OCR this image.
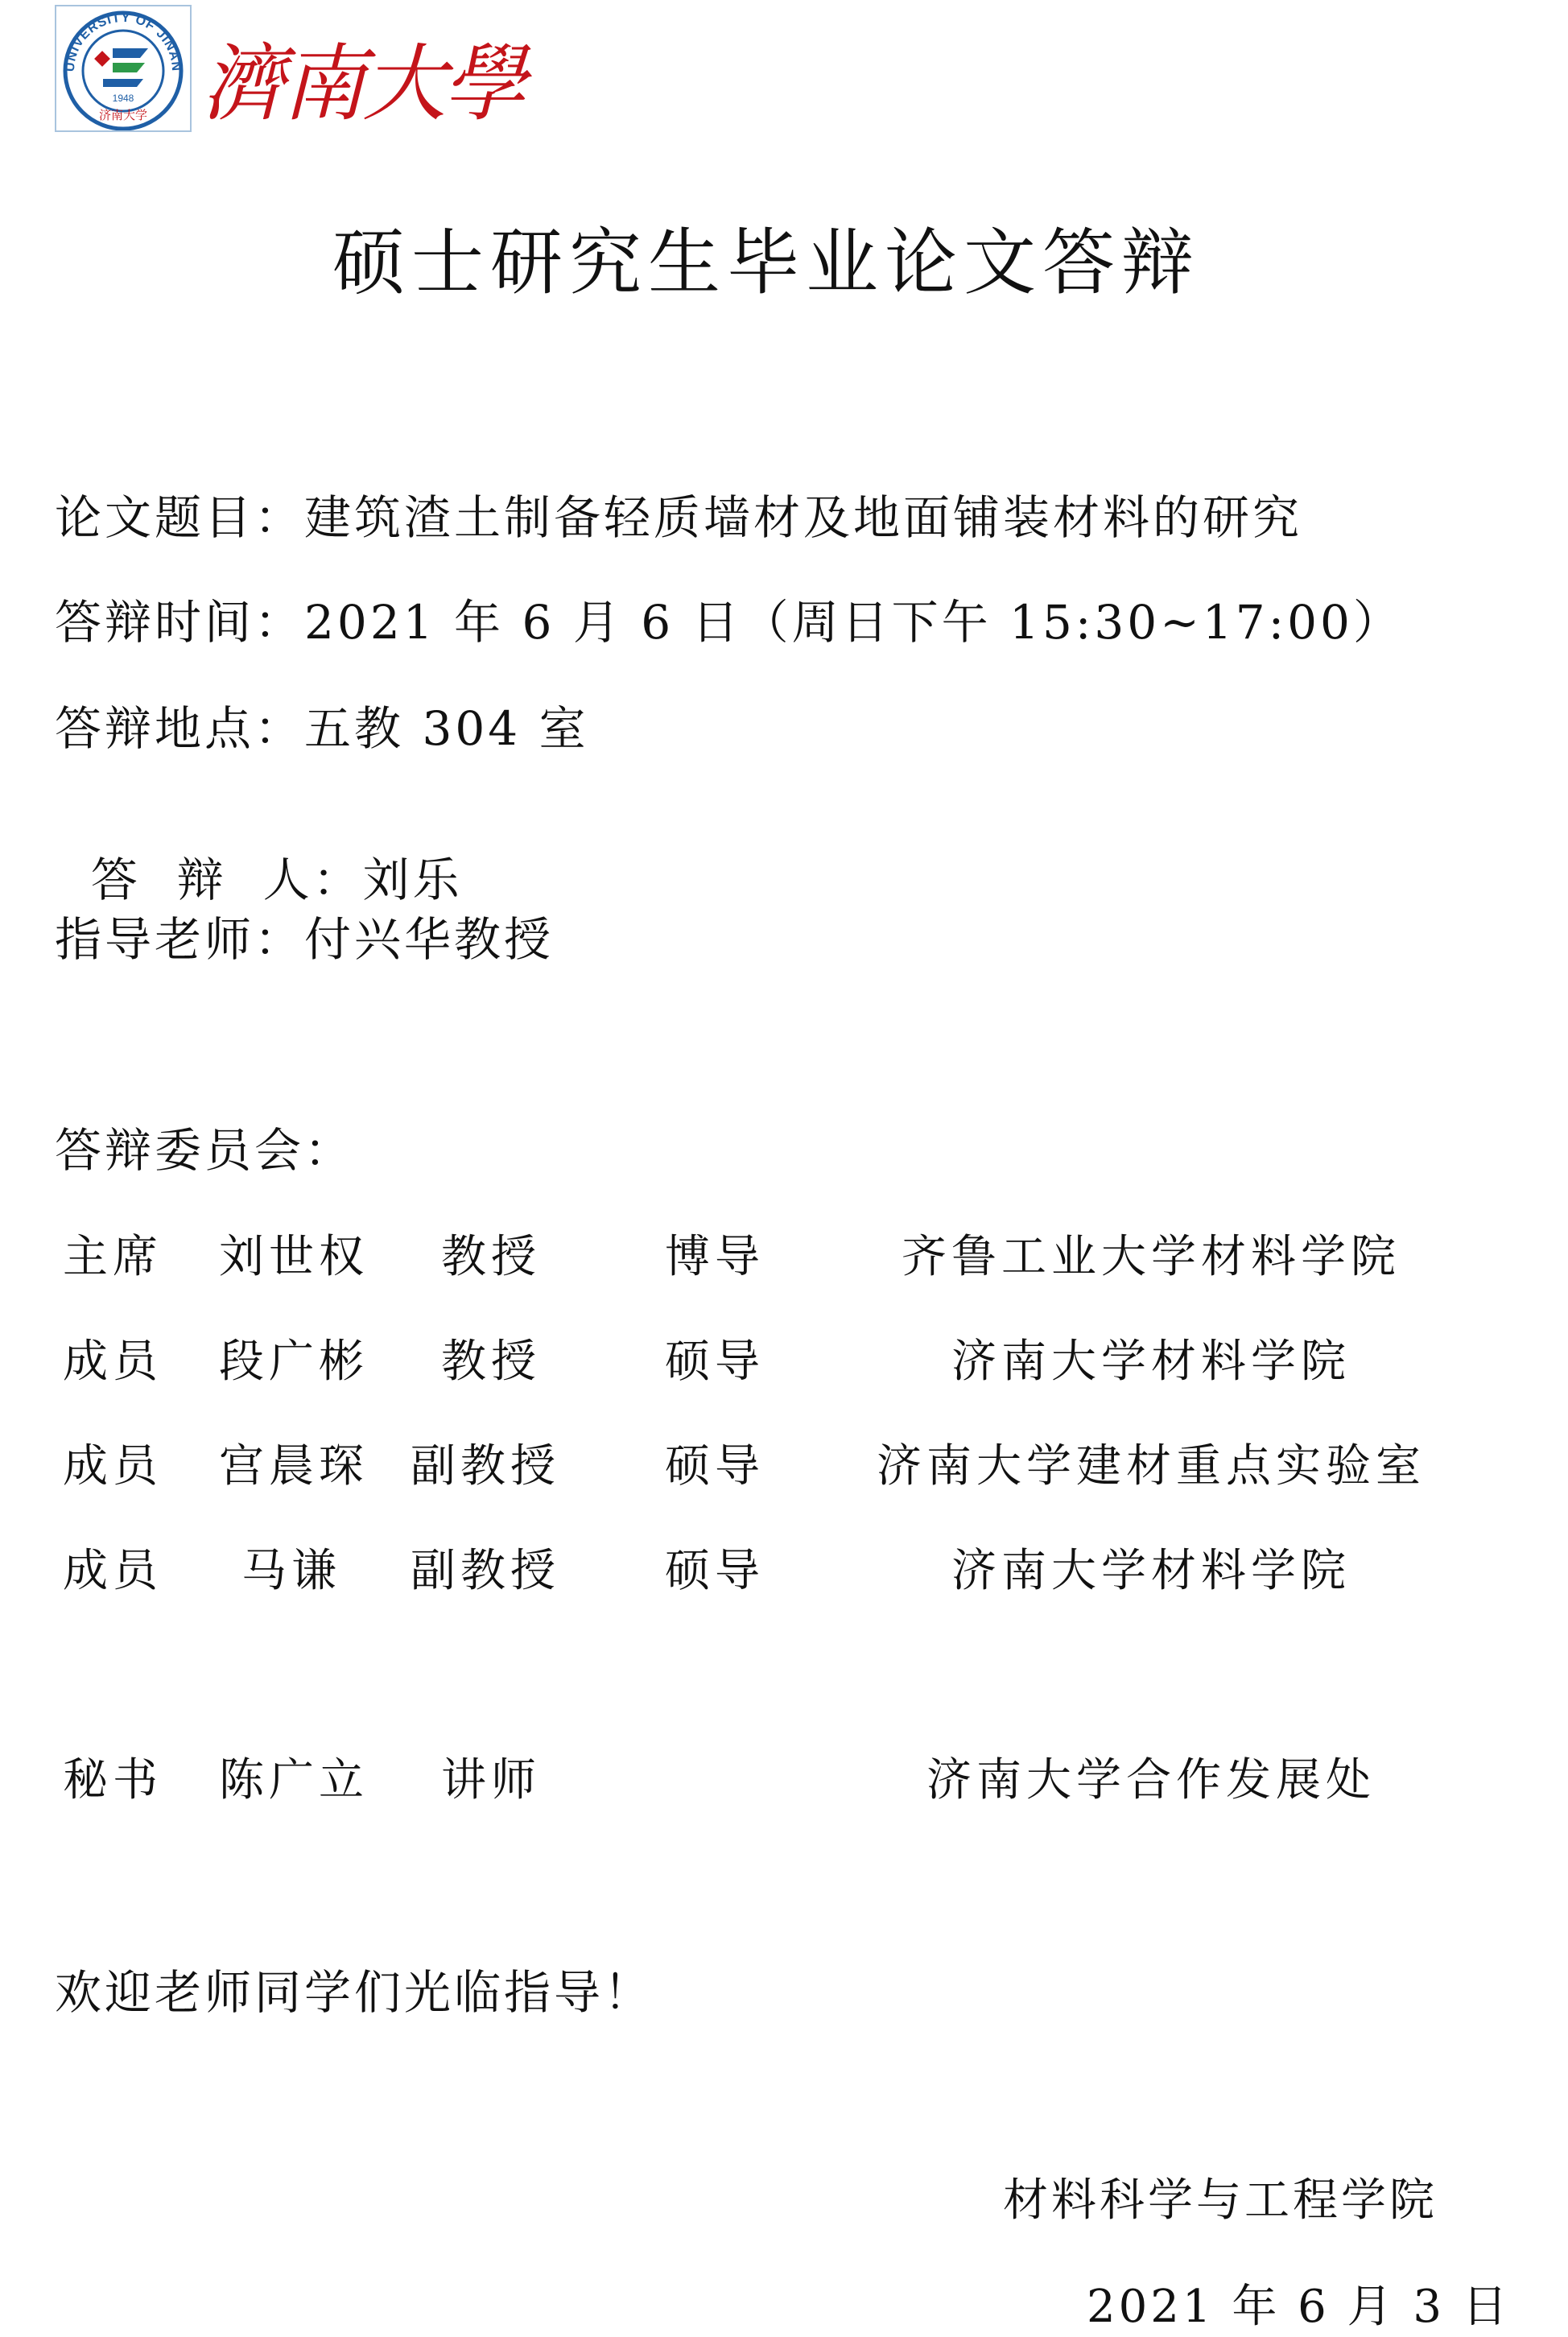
UNIVERSITY OF JINAN
1948
济南大学 濟南大學
硕士研究生毕业论文答辩
论文题目：建筑渣土制备轻质墙材及地面铺装材料的研究
答辩时间：2021 年 6 月 6 日（周日下午 15:30~17:00）
答辩地点：五教 304 室

答  辩  人：刘乐

指导老师：付兴华教授
答辩委员会：
主席 刘世权 教授	博导	齐鲁工业大学材料学院
成员 段广彬 教授	硕导	济南大学材料学院
成员 宫晨琛 副教授 硕导	济南大学建材重点实验室
成员 马谦 副教授 硕导	济南大学材料学院
秘书 陈广立 讲师	济南大学合作发展处
欢迎老师同学们光临指导！
材料科学与工程学院
2021 年 6 月 3 日
